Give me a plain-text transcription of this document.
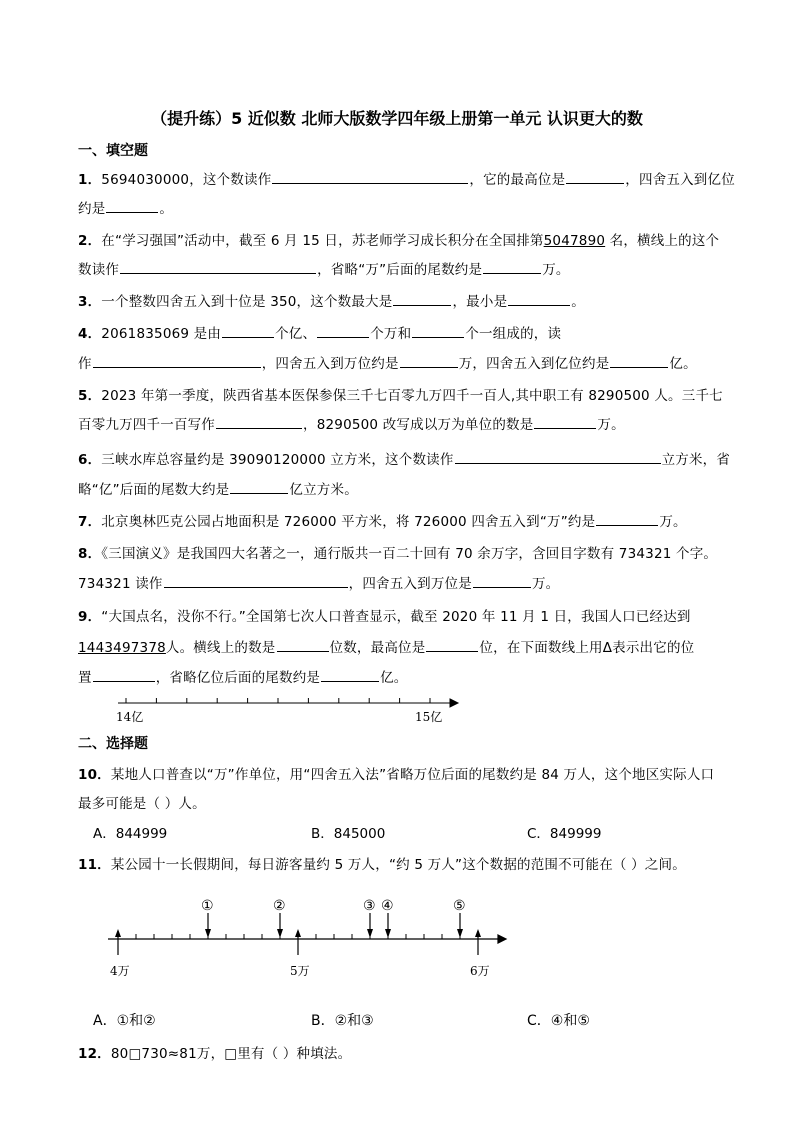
（提升练）5 近似数 北师大版数学四年级上册第一单元 认识更大的数
一、填空题
1．5694030000，这个数读作	，它的最高位是	，四舍五入到亿位
约是	。
2．在“学习强国”活动中，截至 6 月 15 日，苏老师学习成长积分在全国排第5047890 名，横线上的这个
数读作	，省略“万”后面的尾数约是	万。
3．一个整数四舍五入到十位是 350，这个数最大是	，最小是	。
4．2061835069 是由	个亿、	个万和	个一组成的，读
作	，四舍五入到万位约是	万，四舍五入到亿位约是	亿。
5．2023 年第一季度，陕西省基本医保参保三千七百零九万四千一百人,其中职工有 8290500 人。三千七
百零九万四千一百写作	，8290500 改写成以万为单位的数是	万。
6．三峡水库总容量约是 39090120000 立方米，这个数读作	立方米，省
略“亿”后面的尾数大约是	亿立方米。
7．北京奥林匹克公园占地面积是 726000 平方米，将 726000 四舍五入到“万”约是	万。
8．《三国演义》是我国四大名著之一，通行版共一百二十回有 70 余万字，含回目字数有 734321 个字。
734321 读作	，四舍五入到万位是	万。
9．“大国点名，没你不行。”全国第七次人口普查显示，截至 2020 年 11 月 1 日，我国人口已经达到
1443497378人。横线上的数是	位数，最高位是	位，在下面数线上用Δ表示出它的位
置	，省略亿位后面的尾数约是	亿。
14亿	15亿
二、选择题
10．某地人口普查以“万”作单位，用“四舍五入法”省略万位后面的尾数约是 84 万人，这个地区实际人口
最多可能是（ ）人。
A．844999	B．845000	C．849999
11．某公园十一长假期间，每日游客量约 5 万人，“约 5 万人”这个数据的范围不可能在（ ）之间。
①	②	③ ④	⑤
4万	5万	6万
A．①和②	B．②和③	C．④和⑤
12．80□730≈81万，□里有（ ）种填法。
